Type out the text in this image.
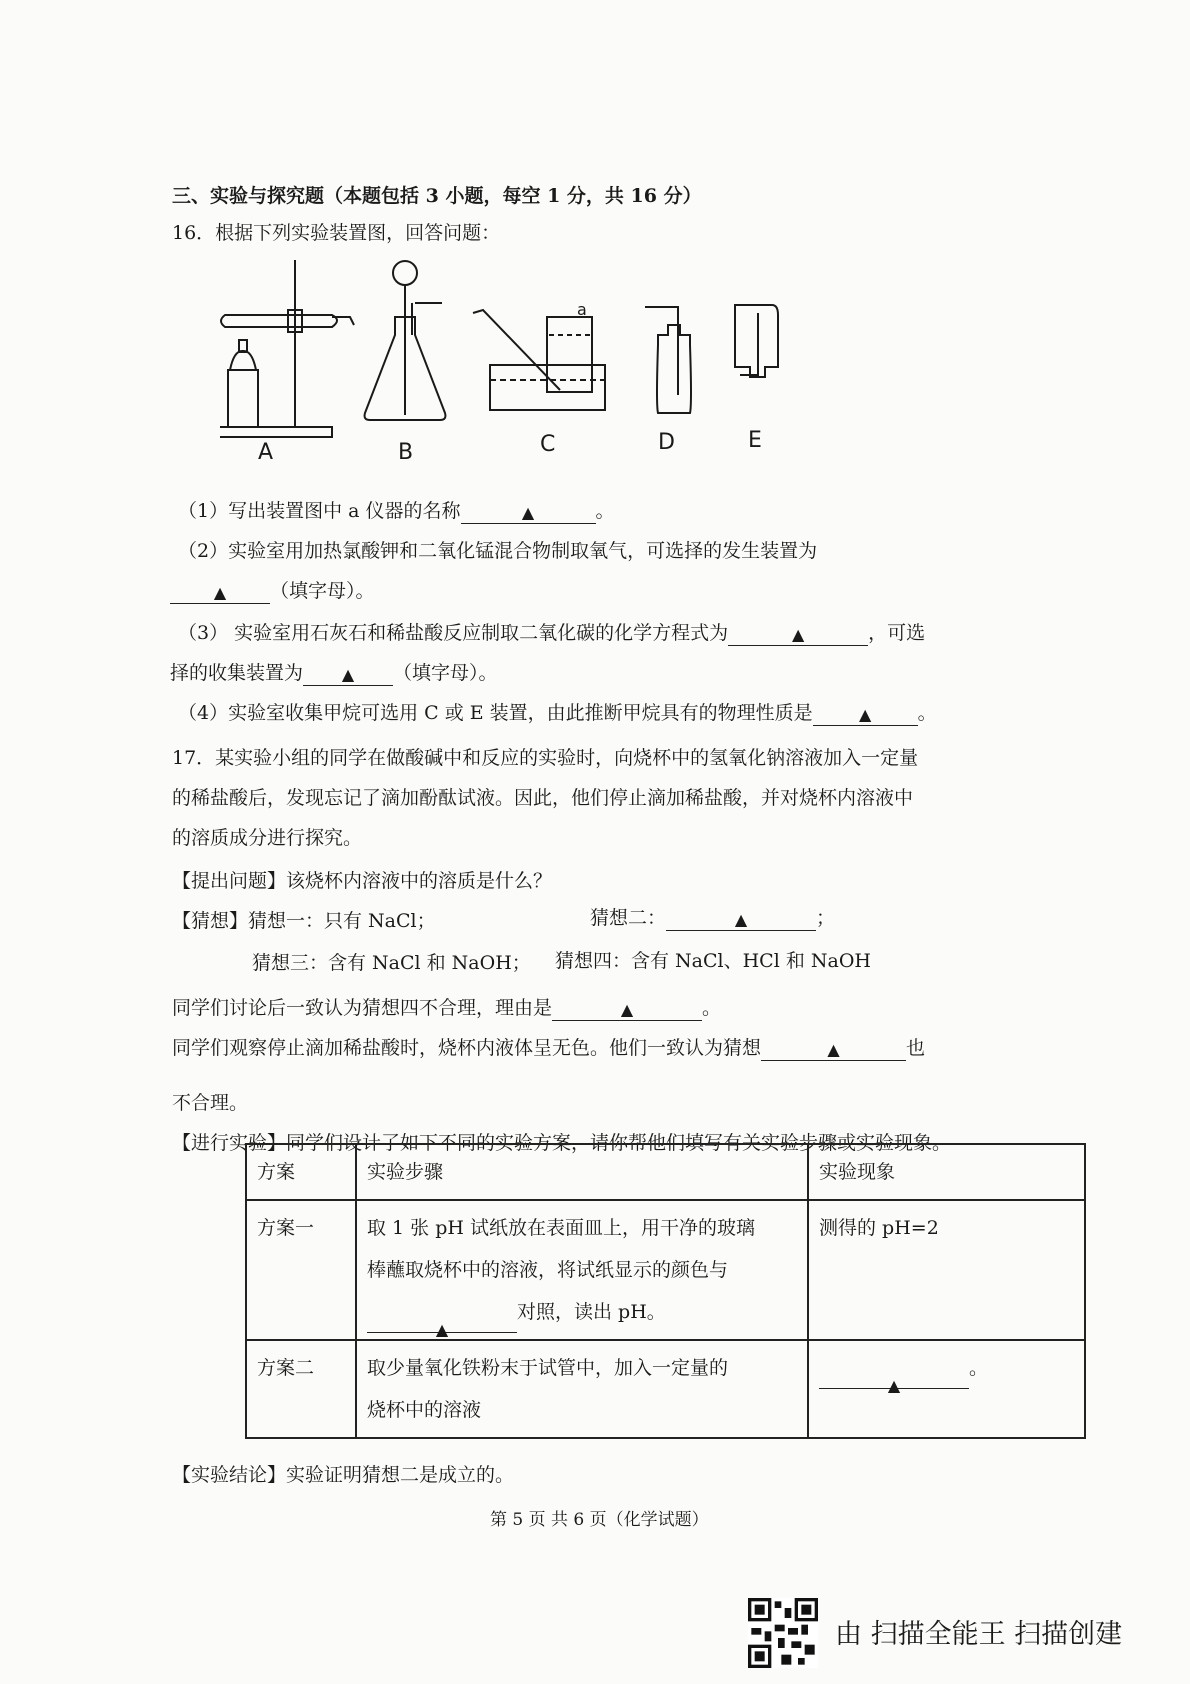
三、实验与探究题（本题包括 3 小题，每空 1 分，共 16 分）
16．根据下列实验装置图，回答问题：
a
A	B	C	D	E
（1）写出装置图中 a 仪器的名称	▲	。
（2）实验室用加热氯酸钾和二氧化锰混合物制取氧气，可选择的发生装置为
▲ （填字母）。
（3） 实验室用石灰石和稀盐酸反应制取二氧化碳的化学方程式为	▲	，可选
择的收集装置为 ▲ （填字母）。
（4）实验室收集甲烷可选用 C 或 E 装置，由此推断甲烷具有的物理性质是	▲ 。
17．某实验小组的同学在做酸碱中和反应的实验时，向烧杯中的氢氧化钠溶液加入一定量
的稀盐酸后，发现忘记了滴加酚酞试液。因此，他们停止滴加稀盐酸，并对烧杯内溶液中
的溶质成分进行探究。
【提出问题】该烧杯内溶液中的溶质是什么？
【猜想】猜想一：只有 NaCl；	猜想二：	▲	；
猜想三：含有 NaCl 和 NaOH； 猜想四：含有 NaCl、HCl 和 NaOH
同学们讨论后一致认为猜想四不合理，理由是	▲	。
同学们观察停止滴加稀盐酸时，烧杯内液体呈无色。他们一致认为猜想	▲	也
不合理。
【进行实验】同学们设计了如下不同的实验方案，请你帮他们填写有关实验步骤或实验现象。
方案	实验步骤	实验现象
方案一	取 1 张 pH 试纸放在表面皿上，用干净的玻璃
棒蘸取烧杯中的溶液，将试纸显示的颜色与
▲对照，读出 pH。	测得的 pH=2
方案二	取少量氧化铁粉末于试管中，加入一定量的
烧杯中的溶液	▲。
【实验结论】实验证明猜想二是成立的。
第 5 页 共 6 页（化学试题）
由 扫描全能王 扫描创建
